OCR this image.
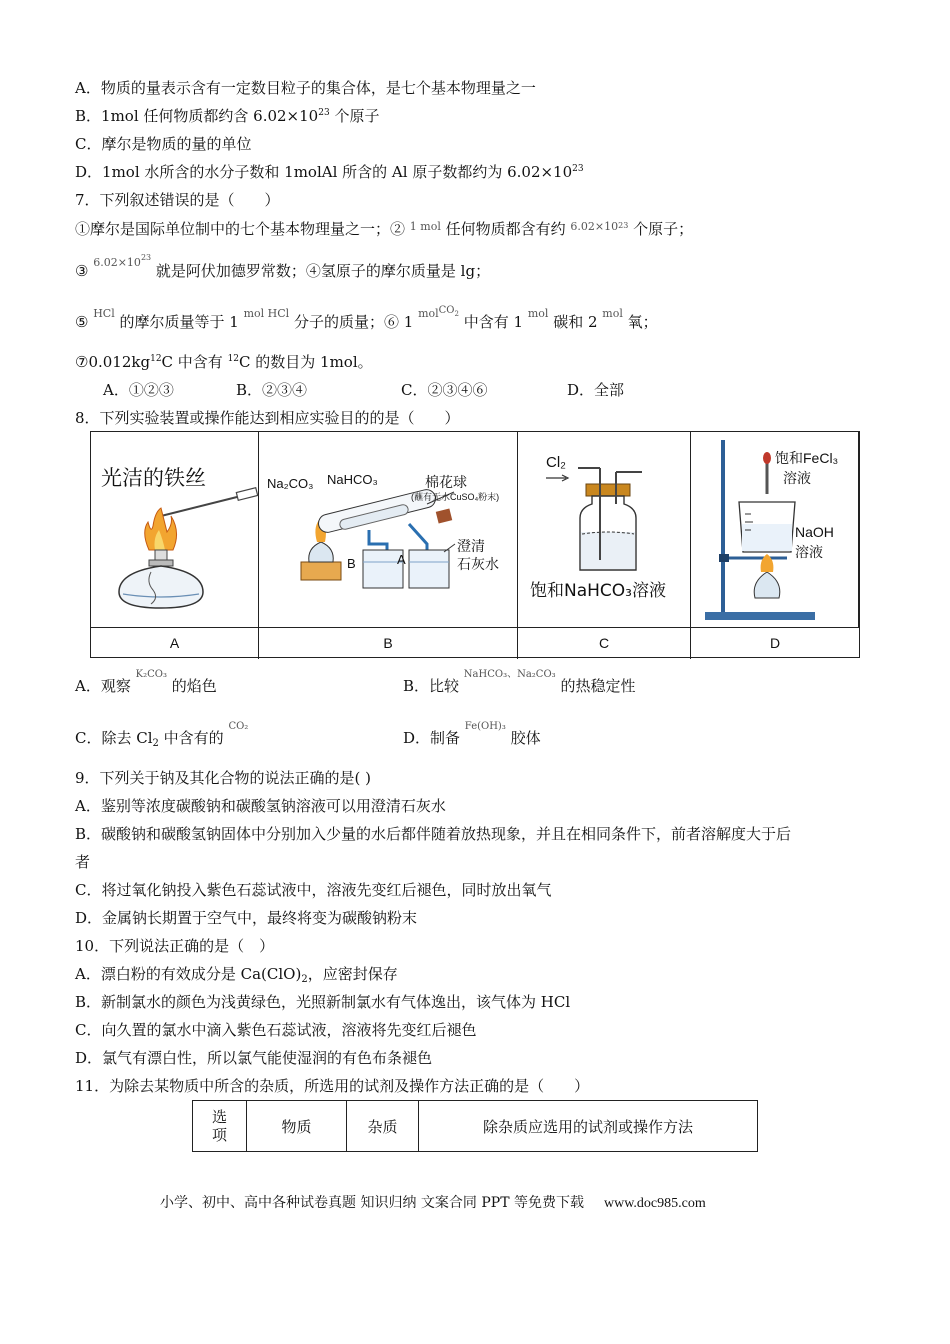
A．物质的量表示含有一定数目粒子的集合体，是七个基本物理量之一
B．1mol 任何物质都约含 $6.02\times 10^{23}$ 个原子
C．摩尔是物质的量的单位
D．1mol 水所含的水分子数和 1molAl 所含的 Al 原子数都约为 $6.02\times 10^{23}$
7．下列叙述错误的是（　　）
①摩尔是国际单位制中的七个基本物理量之一；② $^{1 mol}$ 任何物质都含有约 $^{6.02\times 1023}$ 个原子；
③ $^{6.02\times 1023}$ 就是阿伏加德罗常数；④氢原子的摩尔质量是 lg；
⑤ $^{HCl}$ 的摩尔质量等于 1 $^{mol HCl}$ 分子的质量；⑥ 1 $^{molCO_2}$ 中含有 1 $^{mol}$ 碳和 2 $^{mol}$ 氧；
$⑦0.012kg^{12}C$ 中含有 $^{12}$C 的数目为 1mol。
A．①②③	B．②③④	C．②③④⑥	D．全部
8．下列实验装置或操作能达到相应实验目的的是（　　）
光洁的铁丝	Na₂CO₃ NaHCO₃	棉花球
(蘸有无水CuSO₄粉末)
B	A
澄清
石灰水
Cl₂
饱和NaHCO₃溶液
饱和FeCl₃
溶液
NaOH
溶液
A	B	C	D
A．观察 $^{K_2CO_3}$ 的焰色	B．比较 $^{NaHCO_3、Na_2CO_3}$ 的热稳定性
C．除去 $Cl_2$ 中含有的 $^{CO_2}$
D．制备 $^{Fe(OH)_3}$ 胶体
9．下列关于钠及其化合物的说法正确的是( )
A．鉴别等浓度碳酸钠和碳酸氢钠溶液可以用澄清石灰水
B．碳酸钠和碳酸氢钠固体中分别加入少量的水后都伴随着放热现象，并且在相同条件下，前者溶解度大于后
者
C．将过氧化钠投入紫色石蕊试液中，溶液先变红后褪色，同时放出氧气
D．金属钠长期置于空气中，最终将变为碳酸钠粉末
10．下列说法正确的是（　）
A．漂白粉的有效成分是 $Ca(ClO)_2$，应密封保存
B．新制氯水的颜色为浅黄绿色，光照新制氯水有气体逸出，该气体为 HCl
C．向久置的氯水中滴入紫色石蕊试液，溶液将先变红后褪色
D．氯气有漂白性，所以氯气能使湿润的有色布条褪色
11．为除去某物质中所含的杂质，所选用的试剂及操作方法正确的是（　　）
选项	物质	杂质	除杂质应选用的试剂或操作方法
小学、初中、高中各种试卷真题 知识归纳 文案合同 PPT 等免费下载 www.doc985.com
